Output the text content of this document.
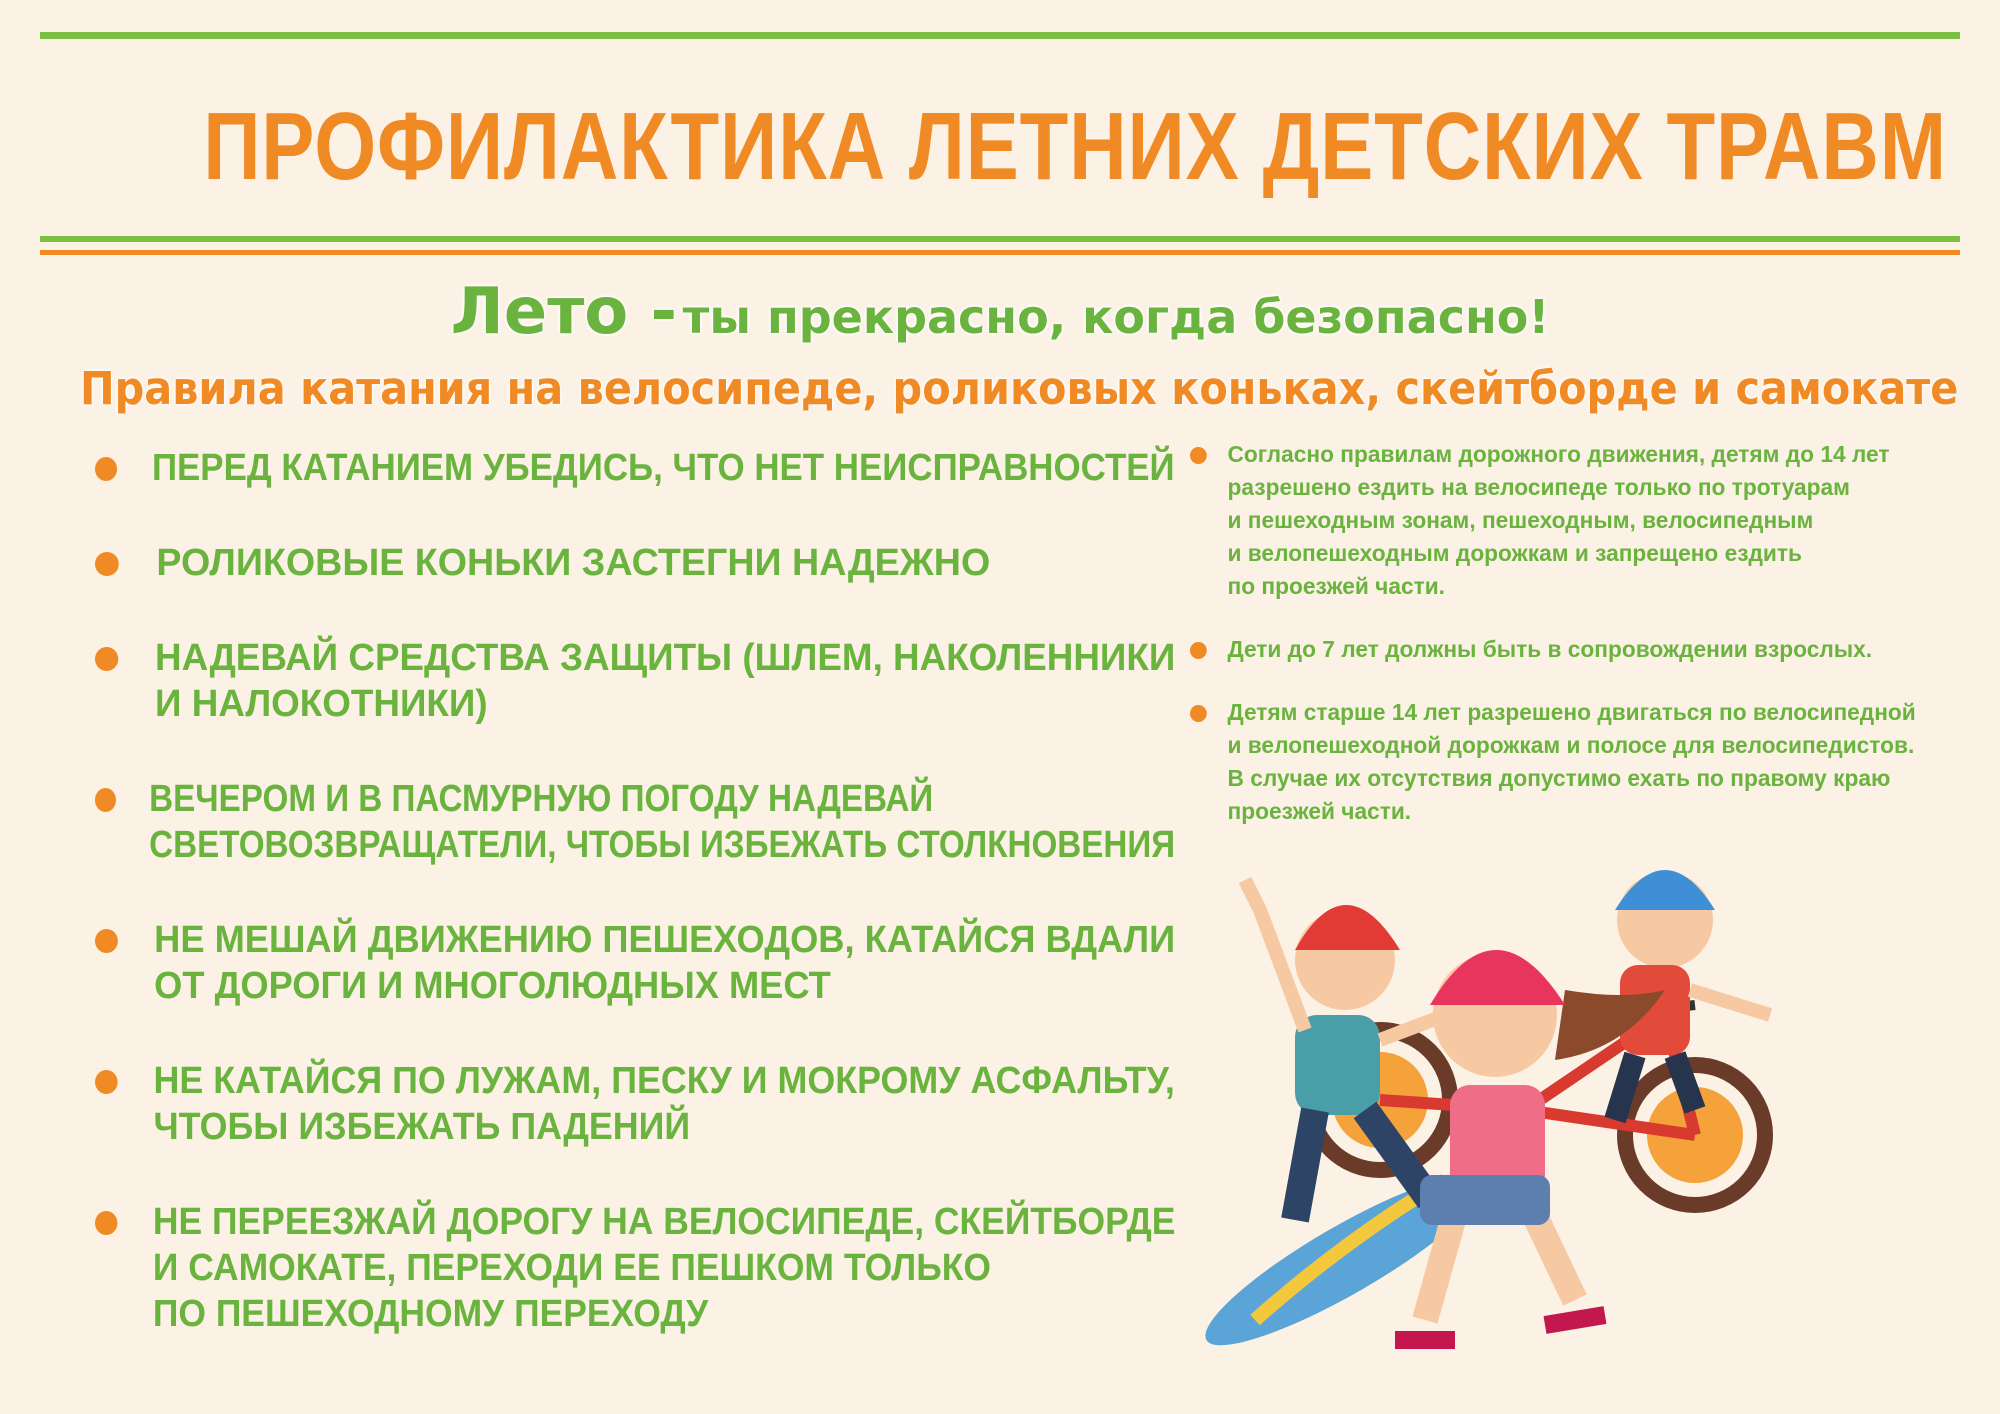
ПРОФИЛАКТИКА ЛЕТНИХ ДЕТСКИХ ТРАВМ
Лето - ты прекрасно, когда безопасно!
Правила катания на велосипеде, роликовых коньках, скейтборде и самокате
ПЕРЕД КАТАНИЕМ УБЕДИСЬ, ЧТО НЕТ НЕИСПРАВНОСТЕЙ
РОЛИКОВЫЕ КОНЬКИ ЗАСТЕГНИ НАДЕЖНО
НАДЕВАЙ СРЕДСТВА ЗАЩИТЫ (ШЛЕМ, НАКОЛЕННИКИ
И НАЛОКОТНИКИ)
ВЕЧЕРОМ И В ПАСМУРНУЮ ПОГОДУ НАДЕВАЙ
СВЕТОВОЗВРАЩАТЕЛИ, ЧТОБЫ ИЗБЕЖАТЬ СТОЛКНОВЕНИЯ
НЕ МЕШАЙ ДВИЖЕНИЮ ПЕШЕХОДОВ, КАТАЙСЯ ВДАЛИ
ОТ ДОРОГИ И МНОГОЛЮДНЫХ МЕСТ
НЕ КАТАЙСЯ ПО ЛУЖАМ, ПЕСКУ И МОКРОМУ АСФАЛЬТУ,
ЧТОБЫ ИЗБЕЖАТЬ ПАДЕНИЙ
НЕ ПЕРЕЕЗЖАЙ ДОРОГУ НА ВЕЛОСИПЕДЕ, СКЕЙТБОРДЕ
И САМОКАТЕ, ПЕРЕХОДИ ЕЕ ПЕШКОМ ТОЛЬКО
ПО ПЕШЕХОДНОМУ ПЕРЕХОДУ
Согласно правилам дорожного движения, детям до 14 лет
разрешено ездить на велосипеде только по тротуарам
и пешеходным зонам, пешеходным, велосипедным
и велопешеходным дорожкам и запрещено ездить
по проезжей части.
Дети до 7 лет должны быть в сопровождении взрослых.
Детям старше 14 лет разрешено двигаться по велосипедной
и велопешеходной дорожкам и полосе для велосипедистов.
В случае их отсутствия допустимо ехать по правому краю
проезжей части.
